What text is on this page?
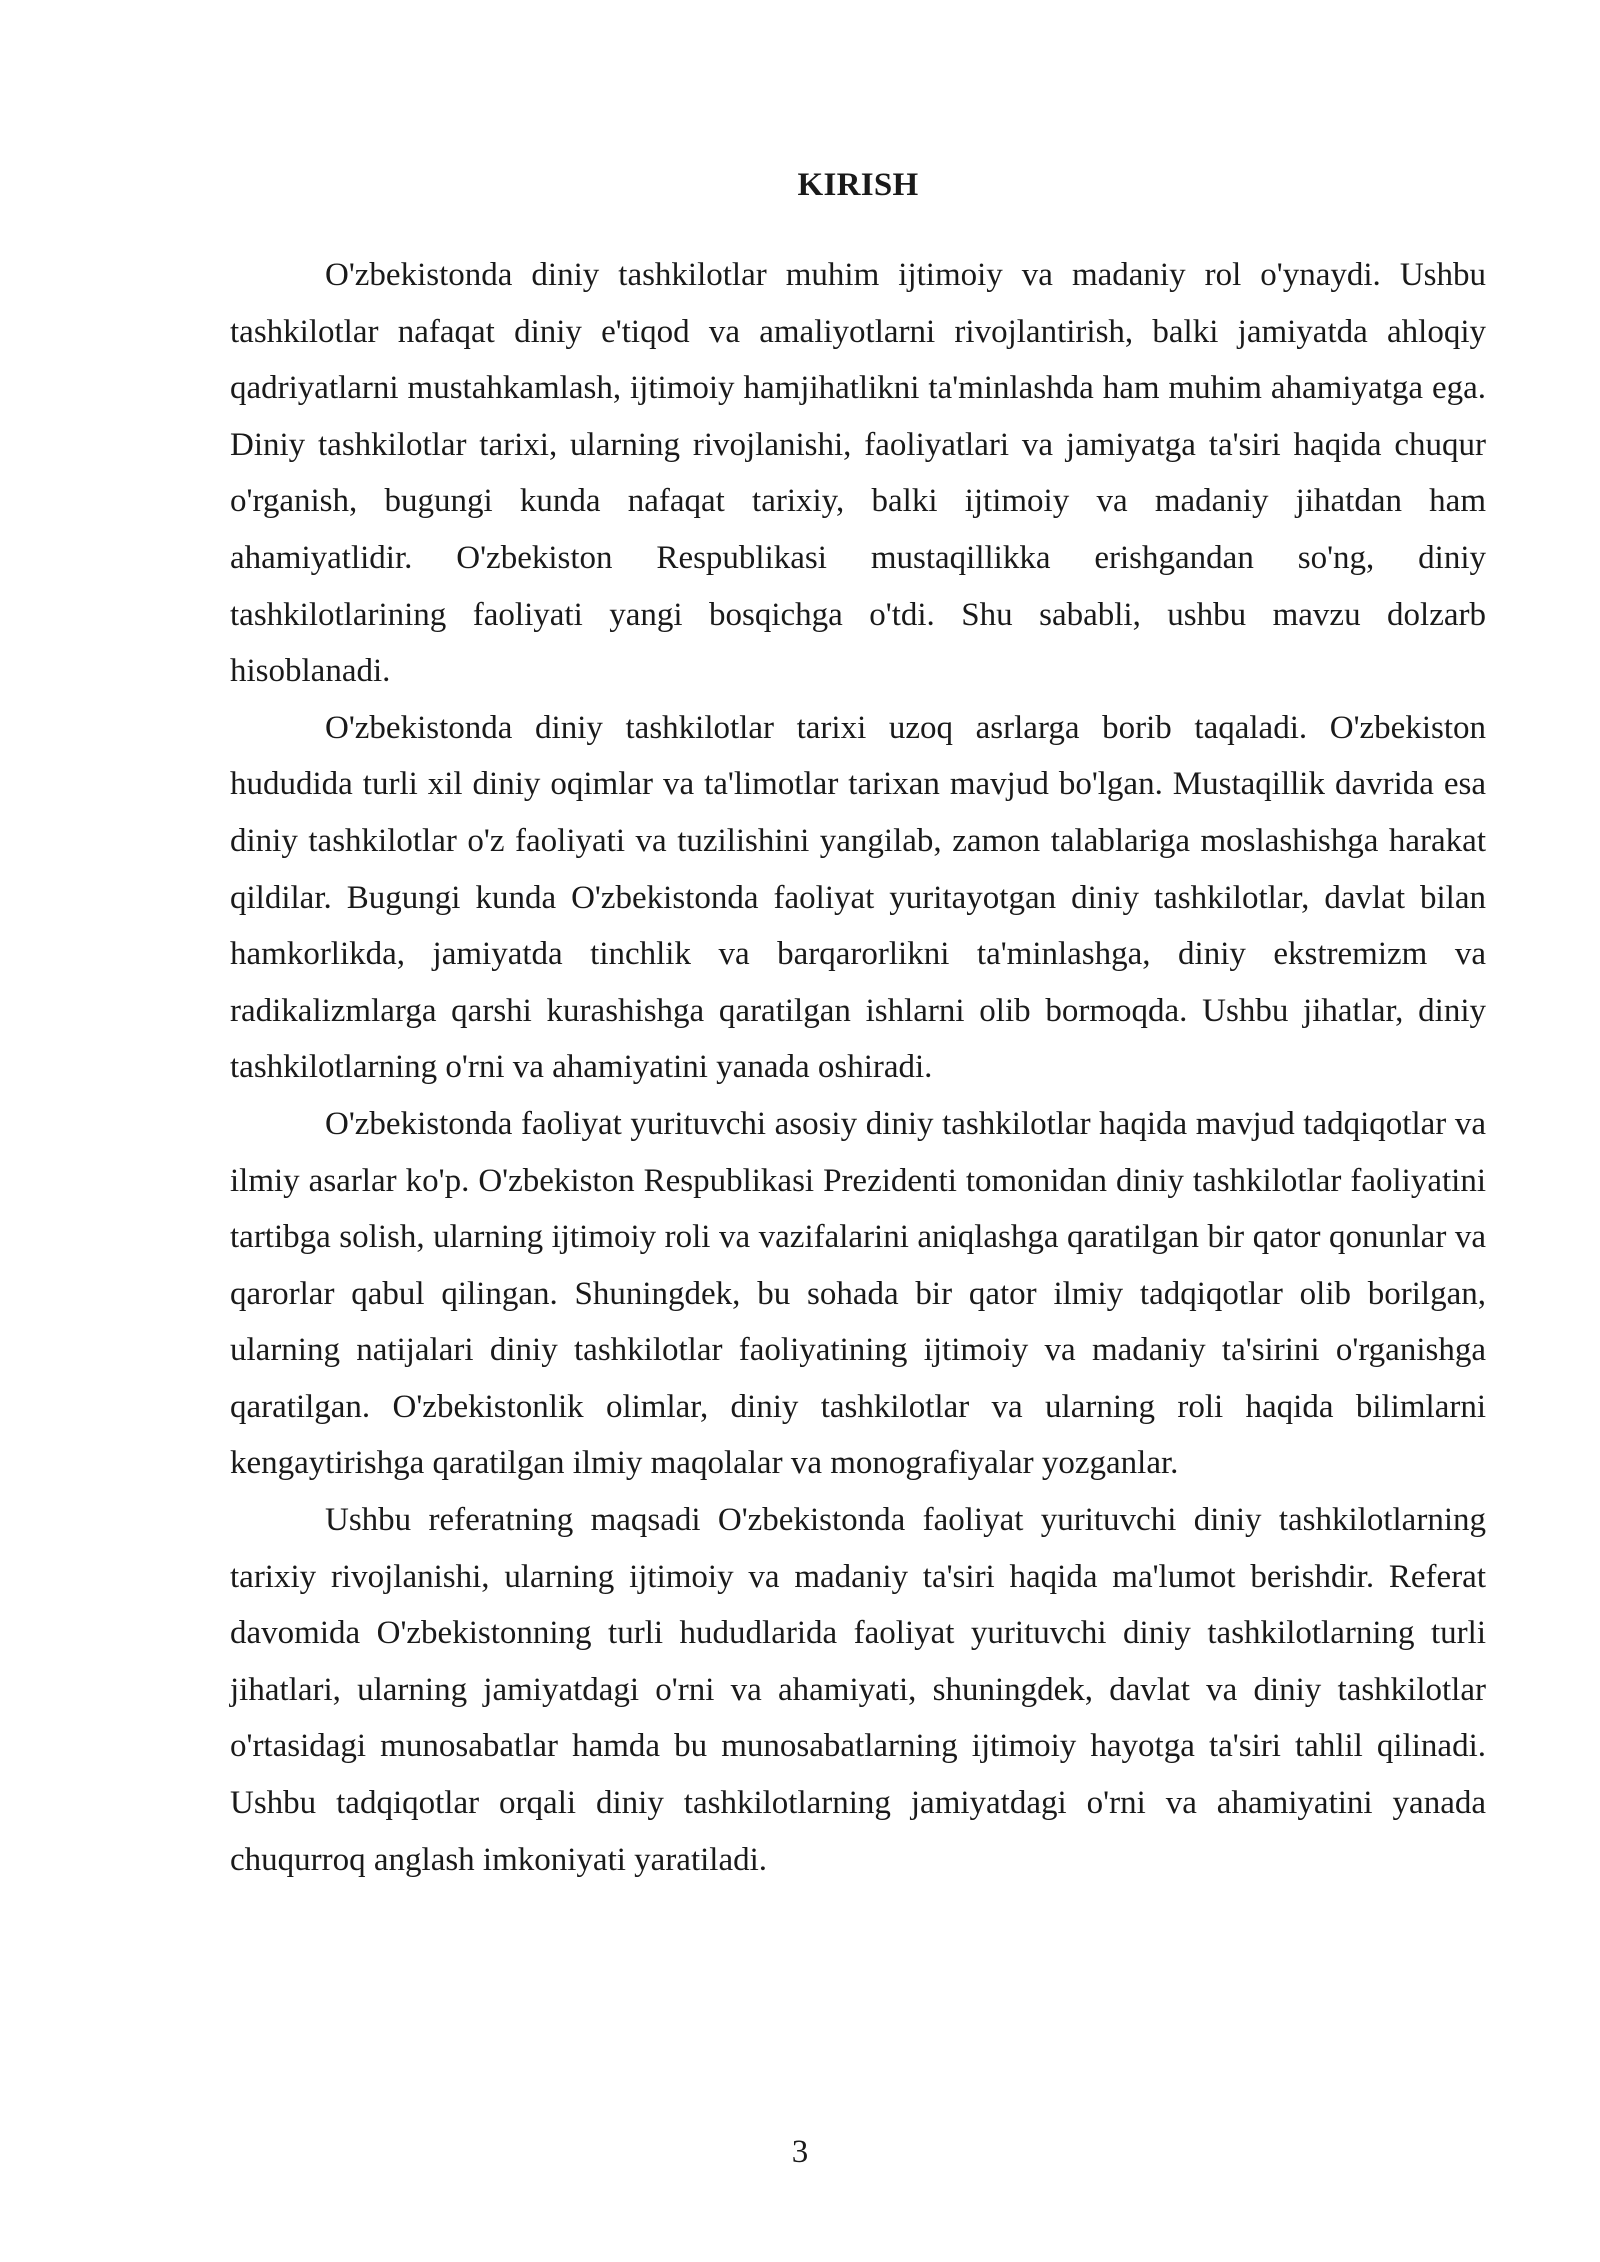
KIRISH

O'zbekistonda diniy tashkilotlar muhim ijtimoiy va madaniy rol o'ynaydi. Ushbu tashkilotlar nafaqat diniy e'tiqod va amaliyotlarni rivojlantirish, balki jamiyatda ahloqiy qadriyatlarni mustahkamlash, ijtimoiy hamjihatlikni ta'minlashda ham muhim ahamiyatga ega. Diniy tashkilotlar tarixi, ularning rivojlanishi, faoliyatlari va jamiyatga ta'siri haqida chuqur o'rganish, bugungi kunda nafaqat tarixiy, balki ijtimoiy va madaniy jihatdan ham ahamiyatlidir. O'zbekiston Respublikasi mustaqillikka erishgandan so'ng, diniy tashkilotlarining faoliyati yangi bosqichga o'tdi. Shu sababli, ushbu mavzu dolzarb hisoblanadi.

O'zbekistonda diniy tashkilotlar tarixi uzoq asrlarga borib taqaladi. O'zbekiston hududida turli xil diniy oqimlar va ta'limotlar tarixan mavjud bo'lgan. Mustaqillik davrida esa diniy tashkilotlar o'z faoliyati va tuzilishini yangilab, zamon talablariga moslashishga harakat qildilar. Bugungi kunda O'zbekistonda faoliyat yuritayotgan diniy tashkilotlar, davlat bilan hamkorlikda, jamiyatda tinchlik va barqarorlikni ta'minlashga, diniy ekstremizm va radikalizmlarga qarshi kurashishga qaratilgan ishlarni olib bormoqda. Ushbu jihatlar, diniy tashkilotlarning o'rni va ahamiyatini yanada oshiradi.

O'zbekistonda faoliyat yurituvchi asosiy diniy tashkilotlar haqida mavjud tadqiqotlar va ilmiy asarlar ko'p. O'zbekiston Respublikasi Prezidenti tomonidan diniy tashkilotlar faoliyatini tartibga solish, ularning ijtimoiy roli va vazifalarini aniqlashga qaratilgan bir qator qonunlar va qarorlar qabul qilingan. Shuningdek, bu sohada bir qator ilmiy tadqiqotlar olib borilgan, ularning natijalari diniy tashkilotlar faoliyatining ijtimoiy va madaniy ta'sirini o'rganishga qaratilgan. O'zbekistonlik olimlar, diniy tashkilotlar va ularning roli haqida bilimlarni kengaytirishga qaratilgan ilmiy maqolalar va monografiyalar yozganlar.

Ushbu referatning maqsadi O'zbekistonda faoliyat yurituvchi diniy tashkilotlarning tarixiy rivojlanishi, ularning ijtimoiy va madaniy ta'siri haqida ma'lumot berishdir. Referat davomida O'zbekistonning turli hududlarida faoliyat yurituvchi diniy tashkilotlarning turli jihatlari, ularning jamiyatdagi o'rni va ahamiyati, shuningdek, davlat va diniy tashkilotlar o'rtasidagi munosabatlar hamda bu munosabatlarning ijtimoiy hayotga ta'siri tahlil qilinadi. Ushbu tadqiqotlar orqali diniy tashkilotlarning jamiyatdagi o'rni va ahamiyatini yanada chuqurroq anglash imkoniyati yaratiladi.

3
